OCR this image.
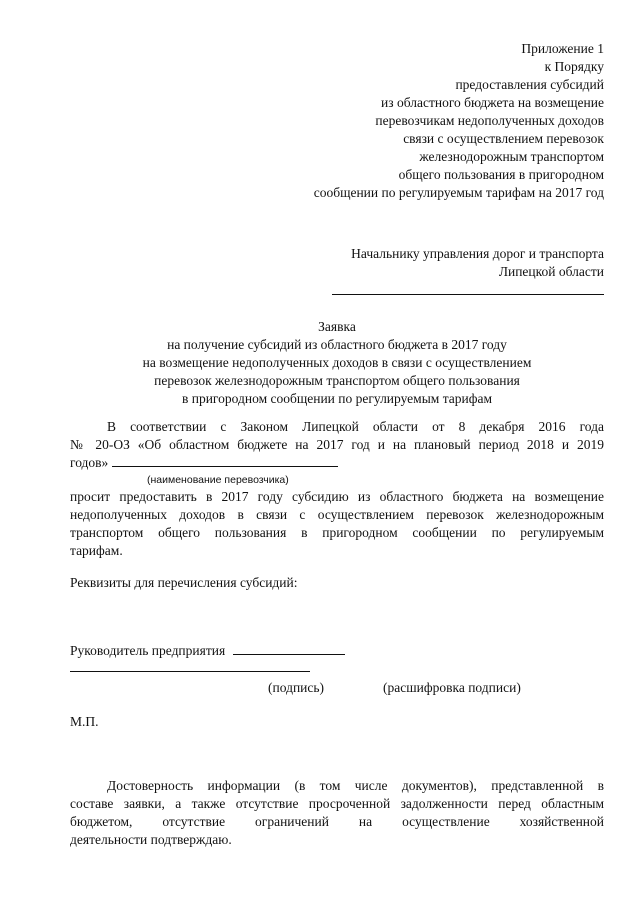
Приложение 1
к Порядку
предоставления субсидий
из областного бюджета на возмещение
перевозчикам недополученных доходов
связи с осуществлением перевозок
железнодорожным транспортом
общего пользования в пригородном
сообщении по регулируемым тарифам на 2017 год
Начальнику управления дорог и транспорта
Липецкой области
Заявка
на получение субсидий из областного бюджета в 2017 году
на возмещение недополученных доходов в связи с осуществлением
перевозок железнодорожным транспортом общего пользования
в пригородном сообщении по регулируемым тарифам
В соответствии с Законом Липецкой области от 8 декабря 2016 года
№ 20-ОЗ «Об областном бюджете на 2017 год и на плановый период 2018 и 2019
годов»
(наименование перевозчика)
просит предоставить в 2017 году субсидию из областного бюджета на возмещение
недополученных доходов в связи с осуществлением перевозок железнодорожным
транспортом общего пользования в пригородном сообщении по регулируемым
тарифам.
Реквизиты для перечисления субсидий:
Руководитель предприятия
(подпись)	(расшифровка подписи)
М.П.
Достоверность информации (в том числе документов), представленной в
составе заявки, а также отсутствие просроченной задолженности перед областным
бюджетом, отсутствие ограничений на осуществление хозяйственной
деятельности подтверждаю.
